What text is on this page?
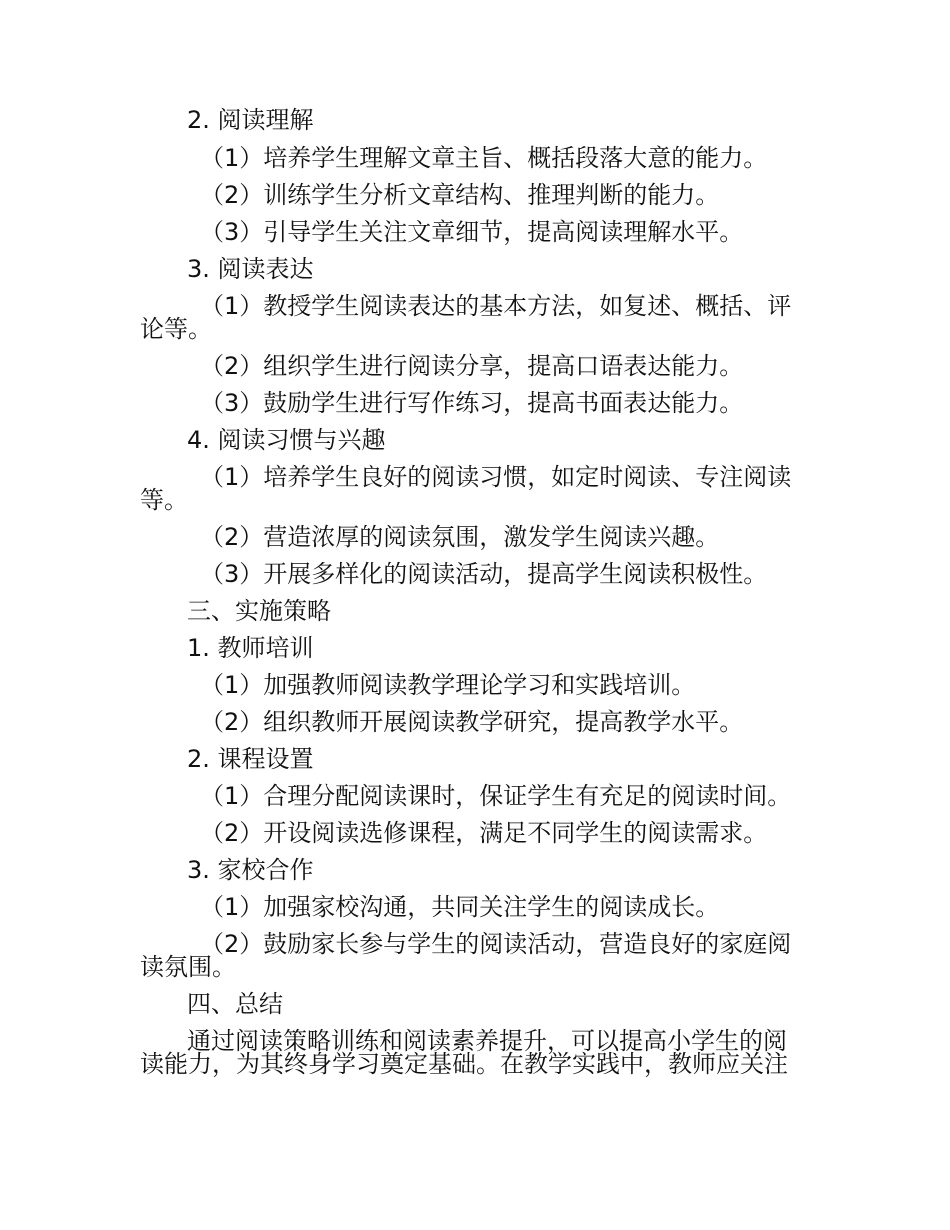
2. 阅读理解
（1）培养学生理解文章主旨、概括段落大意的能力。
（2）训练学生分析文章结构、推理判断的能力。
（3）引导学生关注文章细节，提高阅读理解水平。
3. 阅读表达
（1）教授学生阅读表达的基本方法，如复述、概括、评
论等。
（2）组织学生进行阅读分享，提高口语表达能力。
（3）鼓励学生进行写作练习，提高书面表达能力。
4. 阅读习惯与兴趣
（1）培养学生良好的阅读习惯，如定时阅读、专注阅读
等。
（2）营造浓厚的阅读氛围，激发学生阅读兴趣。
（3）开展多样化的阅读活动，提高学生阅读积极性。
三、实施策略
1. 教师培训
（1）加强教师阅读教学理论学习和实践培训。
（2）组织教师开展阅读教学研究，提高教学水平。
2. 课程设置
（1）合理分配阅读课时，保证学生有充足的阅读时间。
（2）开设阅读选修课程，满足不同学生的阅读需求。
3. 家校合作
（1）加强家校沟通，共同关注学生的阅读成长。
（2）鼓励家长参与学生的阅读活动，营造良好的家庭阅
读氛围。
四、总结
通过阅读策略训练和阅读素养提升，可以提高小学生的阅
读能力，为其终身学习奠定基础。在教学实践中，教师应关注
